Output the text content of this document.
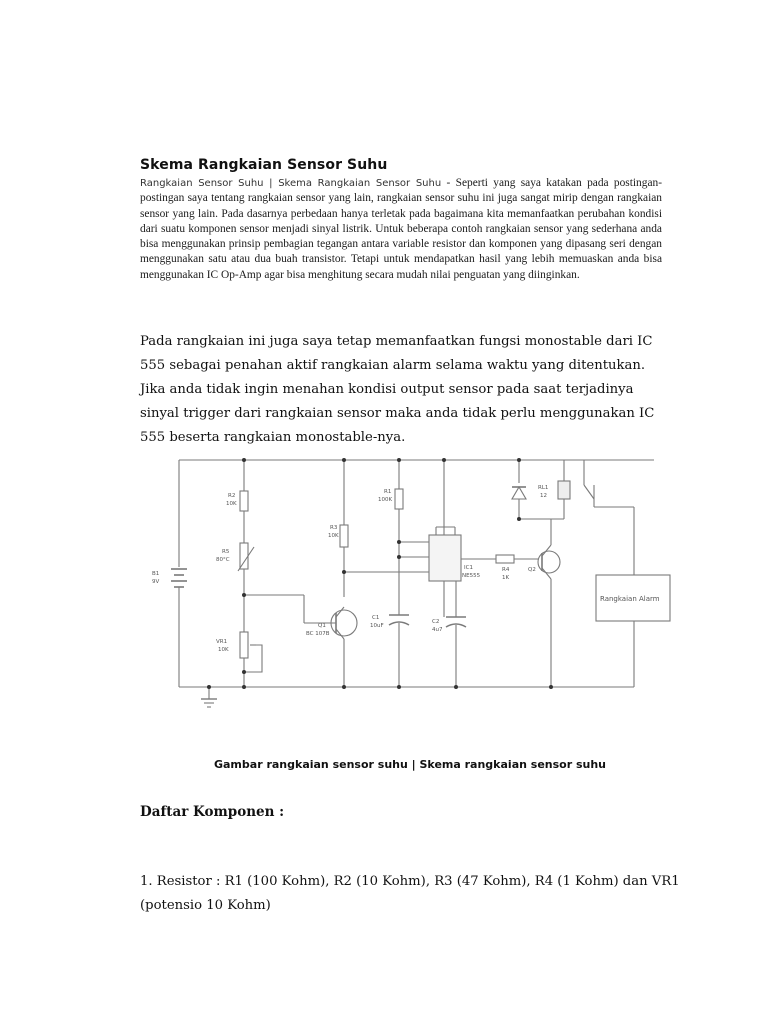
Skema Rangkaian Sensor Suhu

Rangkaian Sensor Suhu | Skema Rangkaian Sensor Suhu - Seperti yang saya katakan pada postingan-postingan saya tentang rangkaian sensor yang lain, rangkaian sensor suhu ini juga sangat mirip dengan rangkaian sensor yang lain. Pada dasarnya perbedaan hanya terletak pada bagaimana kita memanfaatkan perubahan kondisi dari suatu komponen sensor menjadi sinyal listrik. Untuk beberapa contoh rangkaian sensor yang sederhana anda bisa menggunakan prinsip pembagian tegangan antara variable resistor dan komponen yang dipasang seri dengan menggunakan satu atau dua buah transistor. Tetapi untuk mendapatkan hasil yang lebih memuaskan anda bisa menggunakan IC Op-Amp agar bisa menghitung secara mudah nilai penguatan yang diinginkan.

Pada rangkaian ini juga saya tetap memanfaatkan fungsi monostable dari IC 555 sebagai penahan aktif rangkaian alarm selama waktu yang ditentukan. Jika anda tidak ingin menahan kondisi output sensor pada saat terjadinya sinyal trigger dari rangkaian sensor maka anda tidak perlu menggunakan IC 555 beserta rangkaian monostable-nya.

B1
9V
R2
10K
R5
80°C
VR1
10K
R3
10K
R1
100K
Q1
BC 107B
C1
10uF
C2
4u7
IC1
NE555
R4
1K
Q2
RL1
12
Rangkaian Alarm
Gambar rangkaian sensor suhu | Skema rangkaian sensor suhu
Daftar Komponen :

1. Resistor : R1 (100 Kohm), R2 (10 Kohm), R3 (47 Kohm), R4 (1 Kohm) dan VR1 (potensio 10 Kohm)
